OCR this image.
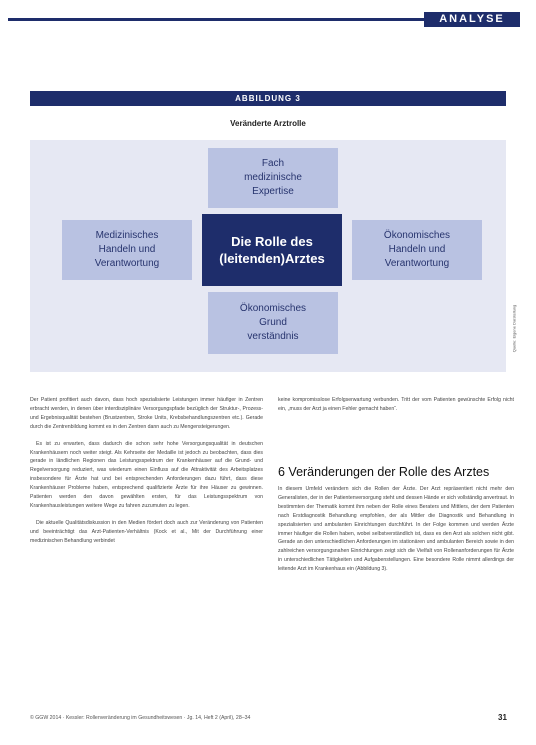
ANALYSE
ABBILDUNG 3
Veränderte Arztrolle
Fach
medizinische
Expertise
Medizinisches
Handeln und
Verantwortung
Die Rolle des
(leitenden)Arztes
Ökonomisches
Handeln und
Verantwortung
Ökonomisches
Grund
verständnis	Quelle: Eigene Darstellung

Der Patient profitiert auch davon, dass hoch spezialisierte Leistungen immer häufiger in Zentren erbracht werden, in denen über interdisziplinäre Versorgungspfade bezüglich der Struktur-, Prozess- und Ergebnisqualität bestehen (Brustzentren, Stroke Units, Krebsbehandlungszentren etc.). Gerade durch die Zentrenbildung kommt es in den Zentren dann auch zu Mengensteigerungen.

Es ist zu erwarten, dass dadurch die schon sehr hohe Versorgungsqualität in deutschen Krankenhäusern noch weiter steigt. Als Kehrseite der Medaille ist jedoch zu beobachten, dass dies gerade in ländlichen Regionen das Leistungsspektrum der Krankenhäuser auf die Grund- und Regelversorgung reduziert, was wiederum einen Einfluss auf die Attraktivität des Arbeitsplatzes insbesondere für Ärzte hat und bei entsprechenden Anforderungen dazu führt, dass diese Krankenhäuser Probleme haben, entsprechend qualifizierte Ärzte für ihre Häuser zu gewinnen. Patienten werden den davon gewählten ersten, für das Leistungsspektrum von Krankenhausleistungen weitere Wege zu fahren zuzumuten zu legen.

Die aktuelle Qualitätsdiskussion in den Medien fördert doch auch zur Veränderung von Patienten und beeinträchtigt das Arzt-Patienten-Verhältnis (Kock et al., Mit der Durchführung einer medizinischen Behandlung verbindet

keine kompromisslose Erfolgserwartung verbunden. Tritt der vom Patienten gewünschte Erfolg nicht ein, „muss der Arzt ja einen Fehler gemacht haben“.

6 Veränderungen der Rolle des Arztes

In diesem Umfeld verändern sich die Rollen der Ärzte. Der Arzt repräsentiert nicht mehr den Generalisten, der in der Patientenversorgung steht und dessen Hände er sich vollständig anvertraut. In bestimmten der Thematik kommt ihm neben der Rolle eines Beraters und Mittlers, der dem Patienten nach Erstdiagnostik Behandlung empfohlen, der als Mittler die Diagnostik und Behandlung in spezialisierten und ambulanten Einrichtungen durchführt. In der Folge kommen und werden Ärzte immer häufiger die Rollen haben, wobei selbstverständlich ist, dass es den Arzt als solchen nicht gibt. Gerade an den unterschiedlichen Anforderungen im stationären und ambulanten Bereich sowie in den zahlreichen versorgungsnahen Einrichtungen zeigt sich die Vielfalt von Rollenanforderungen für Ärzte in unterschiedlichen Tätigkeiten und Aufgabenstellungen. Eine besondere Rolle nimmt allerdings der leitende Arzt im Krankenhaus ein (Abbildung 3).

© GGW 2014 · Kessler: Rollenveränderung im Gesundheitswesen · Jg. 14, Heft 2 (April), 28–34	31
